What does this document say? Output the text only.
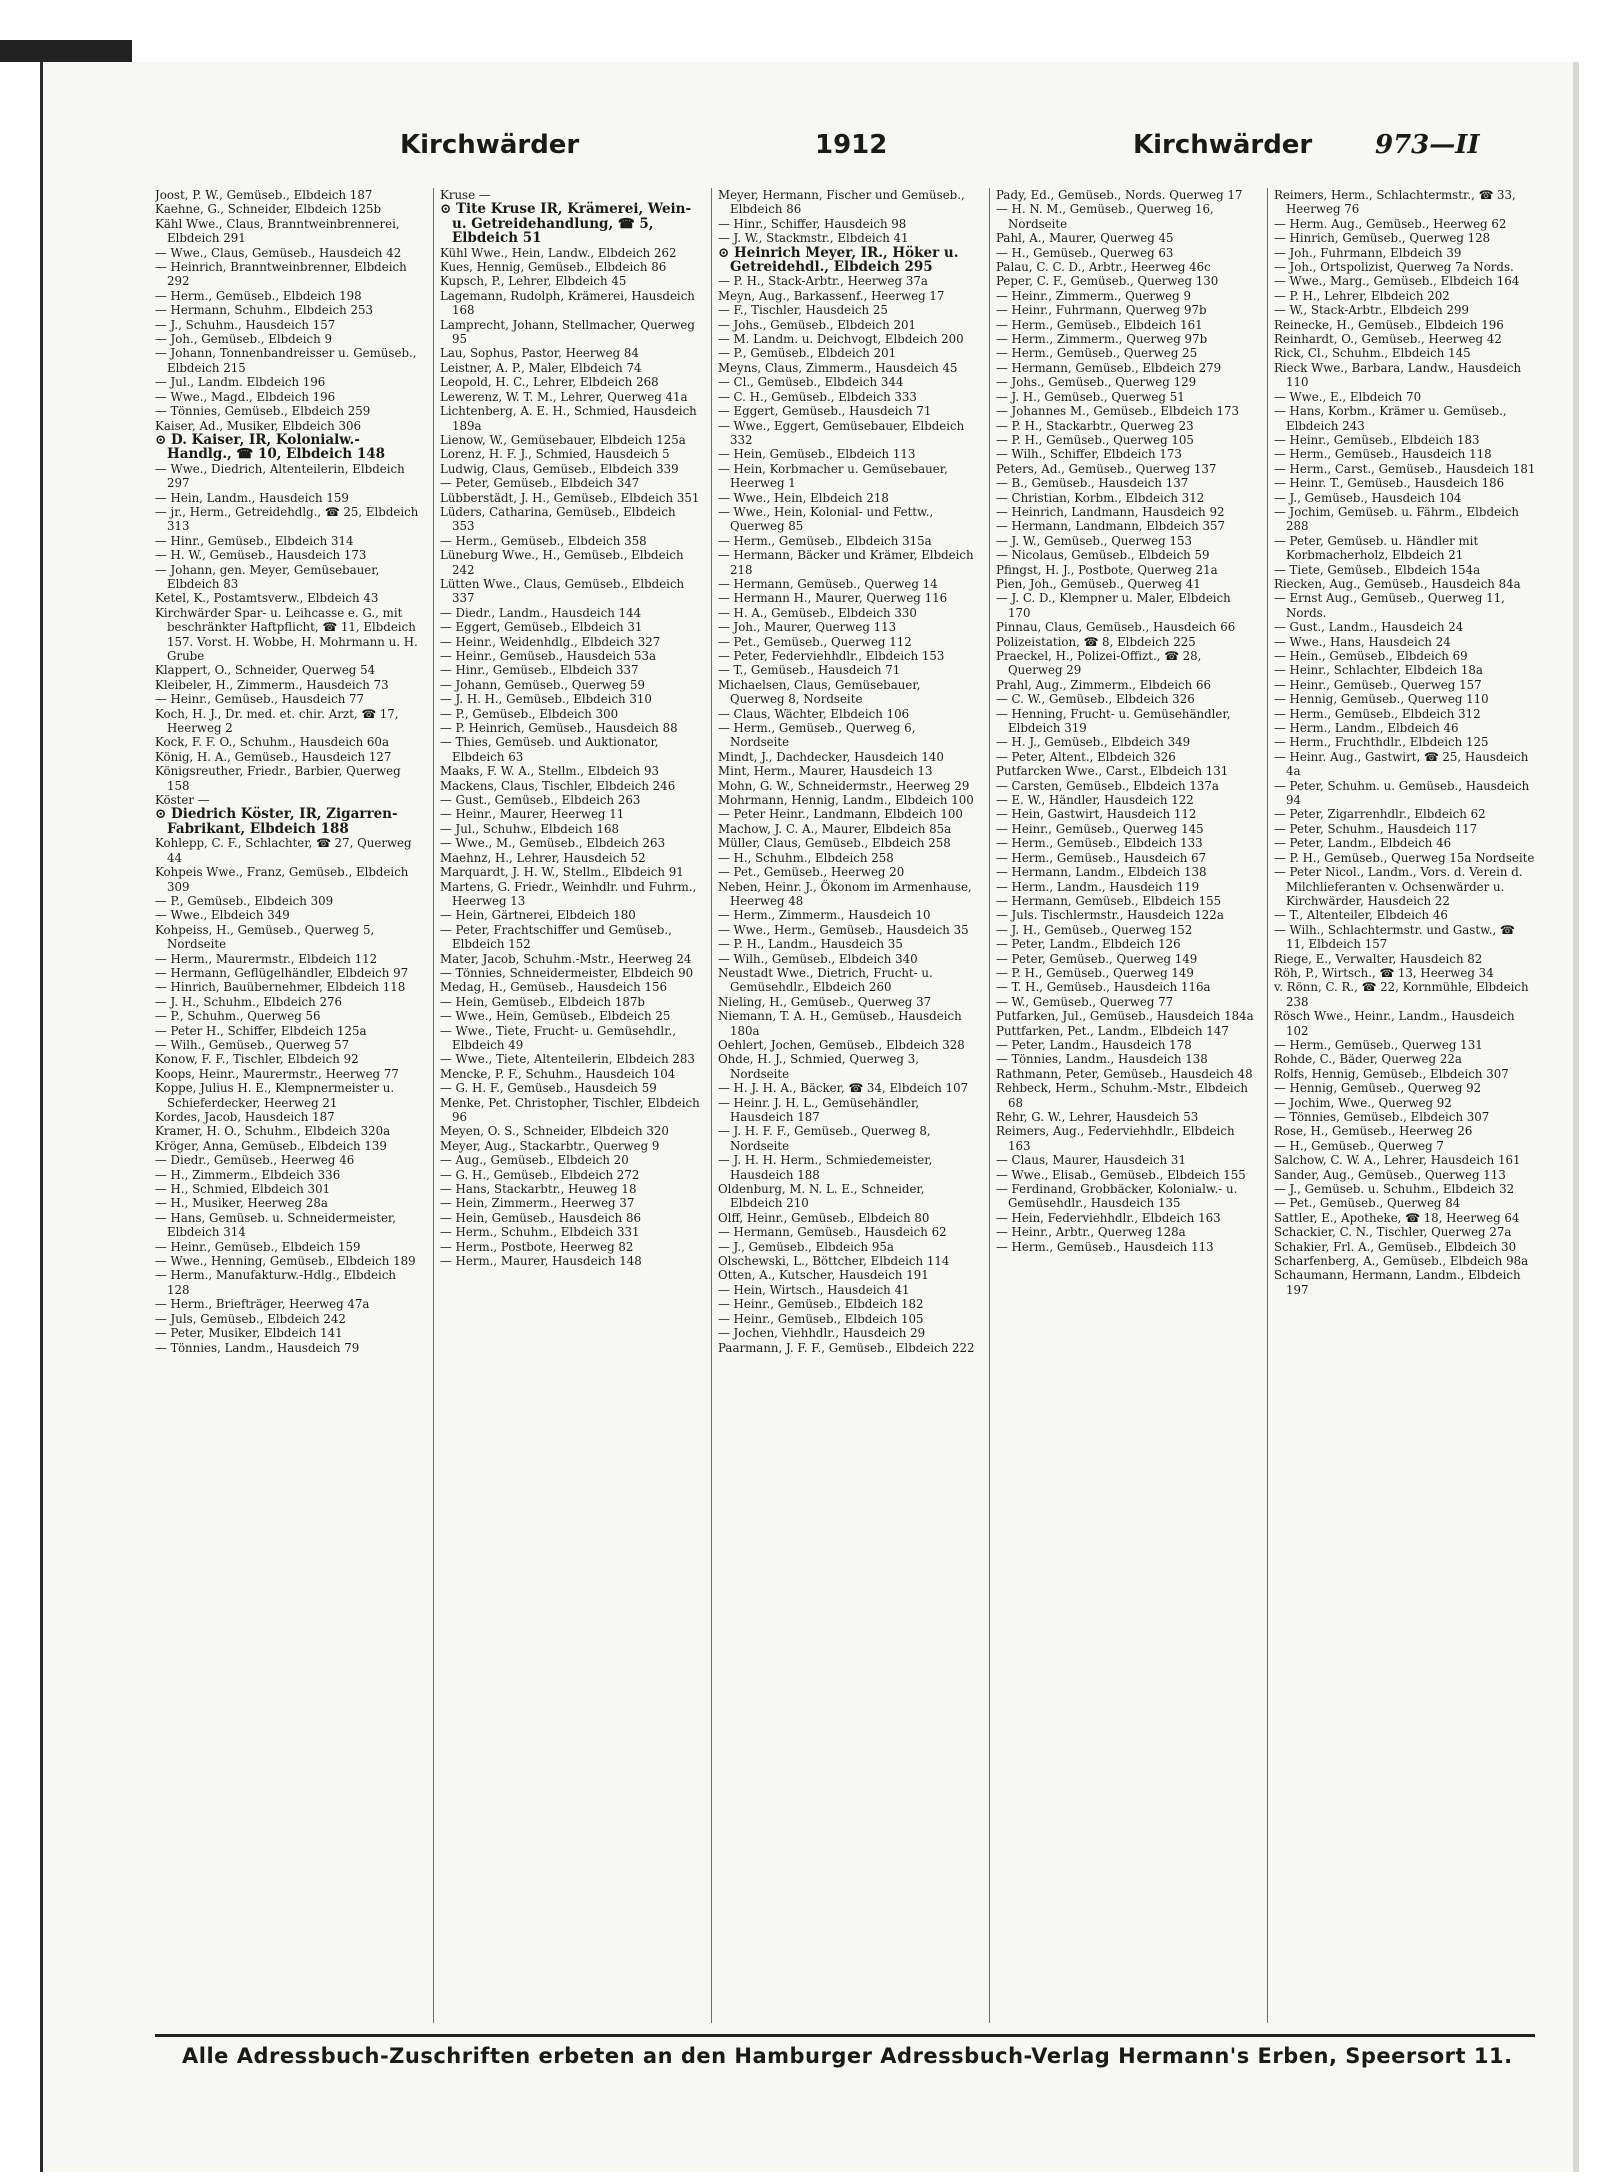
Kirchwärder	1912	Kirchwärder 973—II
Joost, P. W., Gemüseb., Elbdeich 187
Kaehne, G., Schneider, Elbdeich 125b
Kähl Wwe., Claus, Branntweinbrennerei, Elbdeich 291
— Wwe., Claus, Gemüseb., Hausdeich 42
— Heinrich, Branntweinbrenner, Elbdeich 292
— Herm., Gemüseb., Elbdeich 198
— Hermann, Schuhm., Elbdeich 253
— J., Schuhm., Hausdeich 157
— Joh., Gemüseb., Elbdeich 9
— Johann, Tonnenbandreisser u. Gemüseb., Elbdeich 215
— Jul., Landm. Elbdeich 196
— Wwe., Magd., Elbdeich 196
— Tönnies, Gemüseb., Elbdeich 259
Kaiser, Ad., Musiker, Elbdeich 306
⊙ D. Kaiser, IR, Kolonialw.-Handlg., ☎ 10, Elbdeich 148
— Wwe., Diedrich, Altenteilerin, Elbdeich 297
— Hein, Landm., Hausdeich 159
— jr., Herm., Getreidehdlg., ☎ 25, Elbdeich 313
— Hinr., Gemüseb., Elbdeich 314
— H. W., Gemüseb., Hausdeich 173
— Johann, gen. Meyer, Gemüsebauer, Elbdeich 83
Ketel, K., Postamtsverw., Elbdeich 43
Kirchwärder Spar- u. Leihcasse e. G., mit beschränkter Haftpflicht, ☎ 11, Elbdeich 157. Vorst. H. Wobbe, H. Mohrmann u. H. Grube
Klappert, O., Schneider, Querweg 54
Kleibeler, H., Zimmerm., Hausdeich 73
— Heinr., Gemüseb., Hausdeich 77
Koch, H. J., Dr. med. et. chir. Arzt, ☎ 17, Heerweg 2
Kock, F. F. O., Schuhm., Hausdeich 60a
König, H. A., Gemüseb., Hausdeich 127
Königsreuther, Friedr., Barbier, Querweg 158
Köster —
⊙ Diedrich Köster, IR, Zigarren-Fabrikant, Elbdeich 188
Kohlepp, C. F., Schlachter, ☎ 27, Querweg 44
Kohpeis Wwe., Franz, Gemüseb., Elbdeich 309
— P., Gemüseb., Elbdeich 309
— Wwe., Elbdeich 349
Kohpeiss, H., Gemüseb., Querweg 5, Nordseite
— Herm., Maurermstr., Elbdeich 112
— Hermann, Geflügelhändler, Elbdeich 97
— Hinrich, Bauübernehmer, Elbdeich 118
— J. H., Schuhm., Elbdeich 276
— P., Schuhm., Querweg 56
— Peter H., Schiffer, Elbdeich 125a
— Wilh., Gemüseb., Querweg 57
Konow, F. F., Tischler, Elbdeich 92
Koops, Heinr., Maurermstr., Heerweg 77
Koppe, Julius H. E., Klempnermeister u. Schieferdecker, Heerweg 21
Kordes, Jacob, Hausdeich 187
Kramer, H. O., Schuhm., Elbdeich 320a
Kröger, Anna, Gemüseb., Elbdeich 139
— Diedr., Gemüseb., Heerweg 46
— H., Zimmerm., Elbdeich 336
— H., Schmied, Elbdeich 301
— H., Musiker, Heerweg 28a
— Hans, Gemüseb. u. Schneidermeister, Elbdeich 314
— Heinr., Gemüseb., Elbdeich 159
— Wwe., Henning, Gemüseb., Elbdeich 189
— Herm., Manufakturw.-Hdlg., Elbdeich 128
— Herm., Briefträger, Heerweg 47a
— Juls, Gemüseb., Elbdeich 242
— Peter, Musiker, Elbdeich 141
— Tönnies, Landm., Hausdeich 79
Kruse —
⊙ Tite Kruse IR, Krämerei, Wein- u. Getreidehandlung, ☎ 5, Elbdeich 51
Kühl Wwe., Hein, Landw., Elbdeich 262
Kues, Hennig, Gemüseb., Elbdeich 86
Kupsch, P., Lehrer, Elbdeich 45
Lagemann, Rudolph, Krämerei, Hausdeich 168
Lamprecht, Johann, Stellmacher, Querweg 95
Lau, Sophus, Pastor, Heerweg 84
Leistner, A. P., Maler, Elbdeich 74
Leopold, H. C., Lehrer, Elbdeich 268
Lewerenz, W. T. M., Lehrer, Querweg 41a
Lichtenberg, A. E. H., Schmied, Hausdeich 189a
Lienow, W., Gemüsebauer, Elbdeich 125a
Lorenz, H. F. J., Schmied, Hausdeich 5
Ludwig, Claus, Gemüseb., Elbdeich 339
— Peter, Gemüseb., Elbdeich 347
Lübberstädt, J. H., Gemüseb., Elbdeich 351
Lüders, Catharina, Gemüseb., Elbdeich 353
— Herm., Gemüseb., Elbdeich 358
Lüneburg Wwe., H., Gemüseb., Elbdeich 242
Lütten Wwe., Claus, Gemüseb., Elbdeich 337
— Diedr., Landm., Hausdeich 144
— Eggert, Gemüseb., Elbdeich 31
— Heinr., Weidenhdlg., Elbdeich 327
— Heinr., Gemüseb., Hausdeich 53a
— Hinr., Gemüseb., Elbdeich 337
— Johann, Gemüseb., Querweg 59
— J. H. H., Gemüseb., Elbdeich 310
— P., Gemüseb., Elbdeich 300
— P. Heinrich, Gemüseb., Hausdeich 88
— Thies, Gemüseb. und Auktionator, Elbdeich 63
Maaks, F. W. A., Stellm., Elbdeich 93
Mackens, Claus, Tischler, Elbdeich 246
— Gust., Gemüseb., Elbdeich 263
— Heinr., Maurer, Heerweg 11
— Jul., Schuhw., Elbdeich 168
— Wwe., M., Gemüseb., Elbdeich 263
Maehnz, H., Lehrer, Hausdeich 52
Marquardt, J. H. W., Stellm., Elbdeich 91
Martens, G. Friedr., Weinhdlr. und Fuhrm., Heerweg 13
— Hein, Gärtnerei, Elbdeich 180
— Peter, Frachtschiffer und Gemüseb., Elbdeich 152
Mater, Jacob, Schuhm.-Mstr., Heerweg 24
— Tönnies, Schneidermeister, Elbdeich 90
Medag, H., Gemüseb., Hausdeich 156
— Hein, Gemüseb., Elbdeich 187b
— Wwe., Hein, Gemüseb., Elbdeich 25
— Wwe., Tiete, Frucht- u. Gemüsehdlr., Elbdeich 49
— Wwe., Tiete, Altenteilerin, Elbdeich 283
Mencke, P. F., Schuhm., Hausdeich 104
— G. H. F., Gemüseb., Hausdeich 59
Menke, Pet. Christopher, Tischler, Elbdeich 96
Meyen, O. S., Schneider, Elbdeich 320
Meyer, Aug., Stackarbtr., Querweg 9
— Aug., Gemüseb., Elbdeich 20
— G. H., Gemüseb., Elbdeich 272
— Hans, Stackarbtr., Heuweg 18
— Hein, Zimmerm., Heerweg 37
— Hein, Gemüseb., Hausdeich 86
— Herm., Schuhm., Elbdeich 331
— Herm., Postbote, Heerweg 82
— Herm., Maurer, Hausdeich 148
Meyer, Hermann, Fischer und Gemüseb., Elbdeich 86
— Hinr., Schiffer, Hausdeich 98
— J. W., Stackmstr., Elbdeich 41
⊙ Heinrich Meyer, IR., Höker u. Getreidehdl., Elbdeich 295
— P. H., Stack-Arbtr., Heerweg 37a
Meyn, Aug., Barkassenf., Heerweg 17
— F., Tischler, Hausdeich 25
— Johs., Gemüseb., Elbdeich 201
— M. Landm. u. Deichvogt, Elbdeich 200
— P., Gemüseb., Elbdeich 201
Meyns, Claus, Zimmerm., Hausdeich 45
— Cl., Gemüseb., Elbdeich 344
— C. H., Gemüseb., Elbdeich 333
— Eggert, Gemüseb., Hausdeich 71
— Wwe., Eggert, Gemüsebauer, Elbdeich 332
— Hein, Gemüseb., Elbdeich 113
— Hein, Korbmacher u. Gemüsebauer, Heerweg 1
— Wwe., Hein, Elbdeich 218
— Wwe., Hein, Kolonial- und Fettw., Querweg 85
— Herm., Gemüseb., Elbdeich 315a
— Hermann, Bäcker und Krämer, Elbdeich 218
— Hermann, Gemüseb., Querweg 14
— Hermann H., Maurer, Querweg 116
— H. A., Gemüseb., Elbdeich 330
— Joh., Maurer, Querweg 113
— Pet., Gemüseb., Querweg 112
— Peter, Federviehhdlr., Elbdeich 153
— T., Gemüseb., Hausdeich 71
Michaelsen, Claus, Gemüsebauer, Querweg 8, Nordseite
— Claus, Wächter, Elbdeich 106
— Herm., Gemüseb., Querweg 6, Nordseite
Mindt, J., Dachdecker, Hausdeich 140
Mint, Herm., Maurer, Hausdeich 13
Mohn, G. W., Schneidermstr., Heerweg 29
Mohrmann, Hennig, Landm., Elbdeich 100
— Peter Heinr., Landmann, Elbdeich 100
Machow, J. C. A., Maurer, Elbdeich 85a
Müller, Claus, Gemüseb., Elbdeich 258
— H., Schuhm., Elbdeich 258
— Pet., Gemüseb., Heerweg 20
Neben, Heinr. J., Ökonom im Armenhause, Heerweg 48
— Herm., Zimmerm., Hausdeich 10
— Wwe., Herm., Gemüseb., Hausdeich 35
— P. H., Landm., Hausdeich 35
— Wilh., Gemüseb., Elbdeich 340
Neustadt Wwe., Dietrich, Frucht- u. Gemüsehdlr., Elbdeich 260
Nieling, H., Gemüseb., Querweg 37
Niemann, T. A. H., Gemüseb., Hausdeich 180a
Oehlert, Jochen, Gemüseb., Elbdeich 328
Ohde, H. J., Schmied, Querweg 3, Nordseite
— H. J. H. A., Bäcker, ☎ 34, Elbdeich 107
— Heinr. J. H. L., Gemüsehändler, Hausdeich 187
— J. H. F. F., Gemüseb., Querweg 8, Nordseite
— J. H. H. Herm., Schmiedemeister, Hausdeich 188
Oldenburg, M. N. L. E., Schneider, Elbdeich 210
Olff, Heinr., Gemüseb., Elbdeich 80
— Hermann, Gemüseb., Hausdeich 62
— J., Gemüseb., Elbdeich 95a
Olschewski, L., Böttcher, Elbdeich 114
Otten, A., Kutscher, Hausdeich 191
— Hein, Wirtsch., Hausdeich 41
— Heinr., Gemüseb., Elbdeich 182
— Heinr., Gemüseb., Elbdeich 105
— Jochen, Viehhdlr., Hausdeich 29
Paarmann, J. F. F., Gemüseb., Elbdeich 222
Pady, Ed., Gemüseb., Nords. Querweg 17
— H. N. M., Gemüseb., Querweg 16, Nordseite
Pahl, A., Maurer, Querweg 45
— H., Gemüseb., Querweg 63
Palau, C. C. D., Arbtr., Heerweg 46c
Peper, C. F., Gemüseb., Querweg 130
— Heinr., Zimmerm., Querweg 9
— Heinr., Fuhrmann, Querweg 97b
— Herm., Gemüseb., Elbdeich 161
— Herm., Zimmerm., Querweg 97b
— Herm., Gemüseb., Querweg 25
— Hermann, Gemüseb., Elbdeich 279
— Johs., Gemüseb., Querweg 129
— J. H., Gemüseb., Querweg 51
— Johannes M., Gemüseb., Elbdeich 173
— P. H., Stackarbtr., Querweg 23
— P. H., Gemüseb., Querweg 105
— Wilh., Schiffer, Elbdeich 173
Peters, Ad., Gemüseb., Querweg 137
— B., Gemüseb., Hausdeich 137
— Christian, Korbm., Elbdeich 312
— Heinrich, Landmann, Hausdeich 92
— Hermann, Landmann, Elbdeich 357
— J. W., Gemüseb., Querweg 153
— Nicolaus, Gemüseb., Elbdeich 59
Pfingst, H. J., Postbote, Querweg 21a
Pien, Joh., Gemüseb., Querweg 41
— J. C. D., Klempner u. Maler, Elbdeich 170
Pinnau, Claus, Gemüseb., Hausdeich 66
Polizeistation, ☎ 8, Elbdeich 225
Praeckel, H., Polizei-Offizt., ☎ 28, Querweg 29
Prahl, Aug., Zimmerm., Elbdeich 66
— C. W., Gemüseb., Elbdeich 326
— Henning, Frucht- u. Gemüsehändler, Elbdeich 319
— H. J., Gemüseb., Elbdeich 349
— Peter, Altent., Elbdeich 326
Putfarcken Wwe., Carst., Elbdeich 131
— Carsten, Gemüseb., Elbdeich 137a
— E. W., Händler, Hausdeich 122
— Hein, Gastwirt, Hausdeich 112
— Heinr., Gemüseb., Querweg 145
— Herm., Gemüseb., Elbdeich 133
— Herm., Gemüseb., Hausdeich 67
— Hermann, Landm., Elbdeich 138
— Herm., Landm., Hausdeich 119
— Hermann, Gemüseb., Elbdeich 155
— Juls. Tischlermstr., Hausdeich 122a
— J. H., Gemüseb., Querweg 152
— Peter, Landm., Elbdeich 126
— Peter, Gemüseb., Querweg 149
— P. H., Gemüseb., Querweg 149
— T. H., Gemüseb., Hausdeich 116a
— W., Gemüseb., Querweg 77
Putfarken, Jul., Gemüseb., Hausdeich 184a
Puttfarken, Pet., Landm., Elbdeich 147
— Peter, Landm., Hausdeich 178
— Tönnies, Landm., Hausdeich 138
Rathmann, Peter, Gemüseb., Hausdeich 48
Rehbeck, Herm., Schuhm.-Mstr., Elbdeich 68
Rehr, G. W., Lehrer, Hausdeich 53
Reimers, Aug., Federviehhdlr., Elbdeich 163
— Claus, Maurer, Hausdeich 31
— Wwe., Elisab., Gemüseb., Elbdeich 155
— Ferdinand, Grobbäcker, Kolonialw.- u. Gemüsehdlr., Hausdeich 135
— Hein, Federviehhdlr., Elbdeich 163
— Heinr., Arbtr., Querweg 128a
— Herm., Gemüseb., Hausdeich 113
Reimers, Herm., Schlachtermstr., ☎ 33, Heerweg 76
— Herm. Aug., Gemüseb., Heerweg 62
— Hinrich, Gemüseb., Querweg 128
— Joh., Fuhrmann, Elbdeich 39
— Joh., Ortspolizist, Querweg 7a Nords.
— Wwe., Marg., Gemüseb., Elbdeich 164
— P. H., Lehrer, Elbdeich 202
— W., Stack-Arbtr., Elbdeich 299
Reinecke, H., Gemüseb., Elbdeich 196
Reinhardt, O., Gemüseb., Heerweg 42
Rick, Cl., Schuhm., Elbdeich 145
Rieck Wwe., Barbara, Landw., Hausdeich 110
— Wwe., E., Elbdeich 70
— Hans, Korbm., Krämer u. Gemüseb., Elbdeich 243
— Heinr., Gemüseb., Elbdeich 183
— Herm., Gemüseb., Hausdeich 118
— Herm., Carst., Gemüseb., Hausdeich 181
— Heinr. T., Gemüseb., Hausdeich 186
— J., Gemüseb., Hausdeich 104
— Jochim, Gemüseb. u. Fährm., Elbdeich 288
— Peter, Gemüseb. u. Händler mit Korbmacherholz, Elbdeich 21
— Tiete, Gemüseb., Elbdeich 154a
Riecken, Aug., Gemüseb., Hausdeich 84a
— Ernst Aug., Gemüseb., Querweg 11, Nords.
— Gust., Landm., Hausdeich 24
— Wwe., Hans, Hausdeich 24
— Hein., Gemüseb., Elbdeich 69
— Heinr., Schlachter, Elbdeich 18a
— Heinr., Gemüseb., Querweg 157
— Hennig, Gemüseb., Querweg 110
— Herm., Gemüseb., Elbdeich 312
— Herm., Landm., Elbdeich 46
— Herm., Fruchthdlr., Elbdeich 125
— Heinr. Aug., Gastwirt, ☎ 25, Hausdeich 4a
— Peter, Schuhm. u. Gemüseb., Hausdeich 94
— Peter, Zigarrenhdlr., Elbdeich 62
— Peter, Schuhm., Hausdeich 117
— Peter, Landm., Elbdeich 46
— P. H., Gemüseb., Querweg 15a Nordseite
— Peter Nicol., Landm., Vors. d. Verein d. Milchlieferanten v. Ochsenwärder u. Kirchwärder, Hausdeich 22
— T., Altenteiler, Elbdeich 46
— Wilh., Schlachtermstr. und Gastw., ☎ 11, Elbdeich 157
Riege, E., Verwalter, Hausdeich 82
Röh, P., Wirtsch., ☎ 13, Heerweg 34
v. Rönn, C. R., ☎ 22, Kornmühle, Elbdeich 238
Rösch Wwe., Heinr., Landm., Hausdeich 102
— Herm., Gemüseb., Querweg 131
Rohde, C., Bäder, Querweg 22a
Rolfs, Hennig, Gemüseb., Elbdeich 307
— Hennig, Gemüseb., Querweg 92
— Jochim, Wwe., Querweg 92
— Tönnies, Gemüseb., Elbdeich 307
Rose, H., Gemüseb., Heerweg 26
— H., Gemüseb., Querweg 7
Salchow, C. W. A., Lehrer, Hausdeich 161
Sander, Aug., Gemüseb., Querweg 113
— J., Gemüseb. u. Schuhm., Elbdeich 32
— Pet., Gemüseb., Querweg 84
Sattler, E., Apotheke, ☎ 18, Heerweg 64
Schackier, C. N., Tischler, Querweg 27a
Schakier, Frl. A., Gemüseb., Elbdeich 30
Scharfenberg, A., Gemüseb., Elbdeich 98a
Schaumann, Hermann, Landm., Elbdeich 197
Alle Adressbuch-Zuschriften erbeten an den Hamburger Adressbuch-Verlag Hermann's Erben, Speersort 11.
